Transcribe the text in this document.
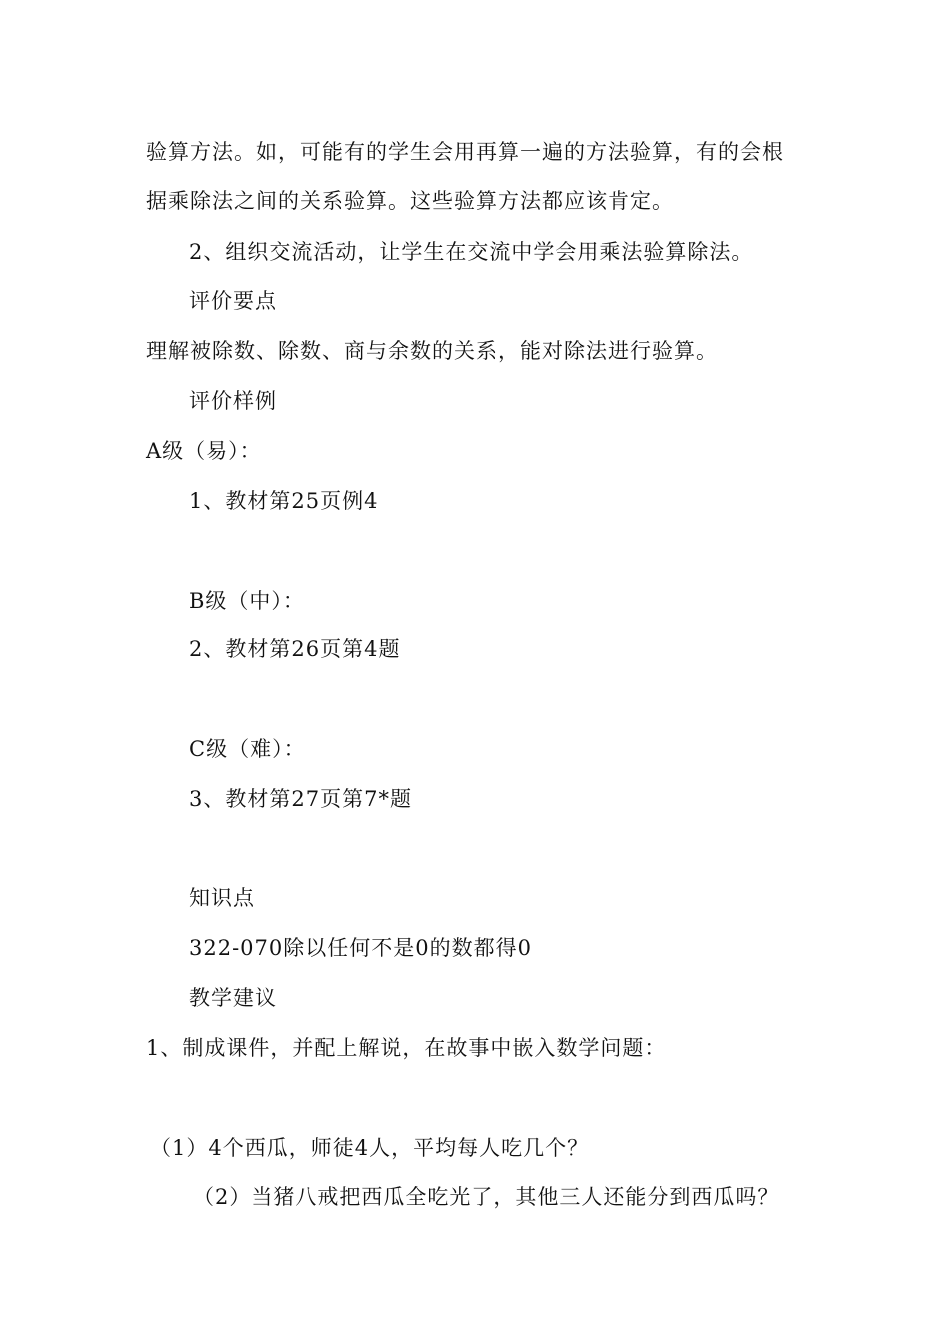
验算方法。如，可能有的学生会用再算一遍的方法验算，有的会根
据乘除法之间的关系验算。这些验算方法都应该肯定。
2、组织交流活动，让学生在交流中学会用乘法验算除法。
评价要点
理解被除数、除数、商与余数的关系，能对除法进行验算。
评价样例
A级（易）：
1、教材第25页例4
B级（中）：
2、教材第26页第4题
C级（难）：
3、教材第27页第7*题
知识点
322-070除以任何不是0的数都得0
教学建议
1、制成课件，并配上解说，在故事中嵌入数学问题：
（1）4个西瓜，师徒4人，平均每人吃几个？
（2）当猪八戒把西瓜全吃光了，其他三人还能分到西瓜吗？
